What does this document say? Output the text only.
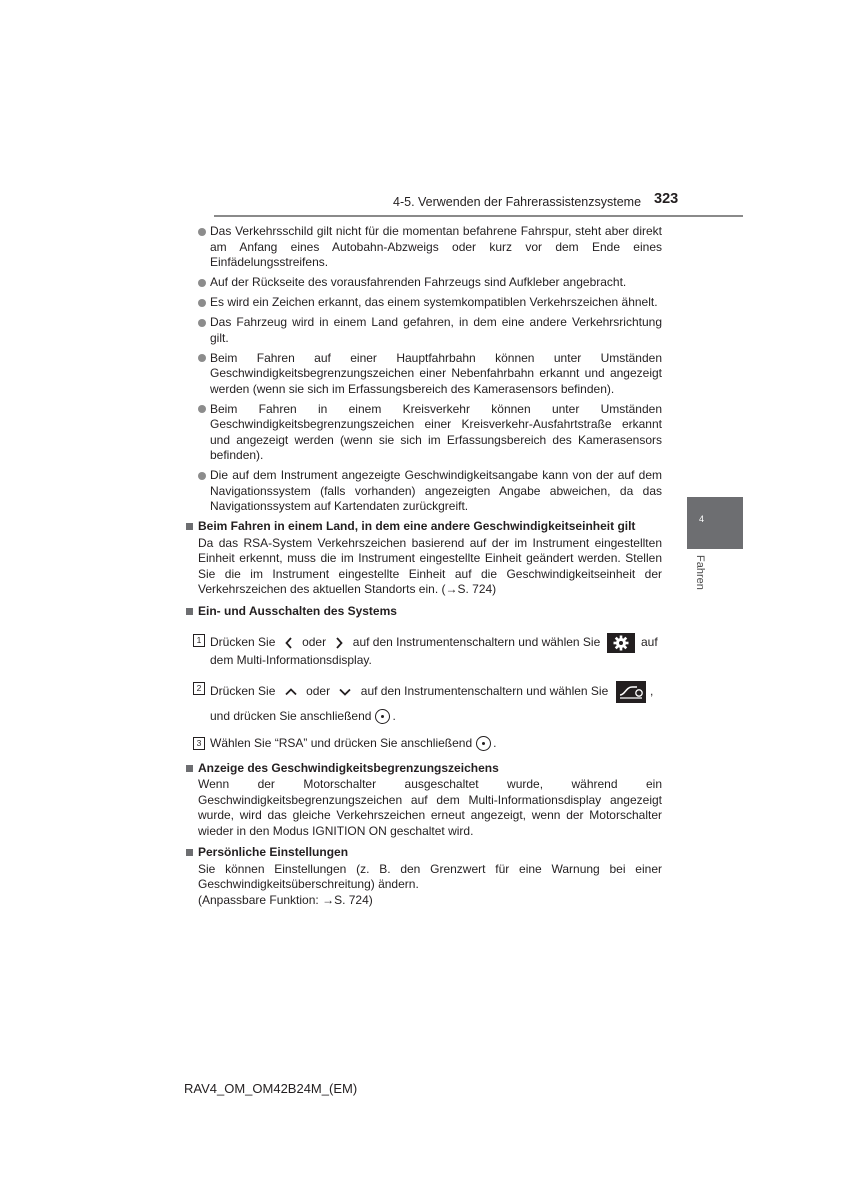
4-5. Verwenden der Fahrerassistenzsysteme 323
4
Fahren
Das Verkehrsschild gilt nicht für die momentan befahrene Fahrspur, steht aber direkt am Anfang eines Autobahn-Abzweigs oder kurz vor dem Ende eines Einfädelungsstreifens.
Auf der Rückseite des vorausfahrenden Fahrzeugs sind Aufkleber angebracht.
Es wird ein Zeichen erkannt, das einem systemkompatiblen Verkehrszeichen ähnelt.
Das Fahrzeug wird in einem Land gefahren, in dem eine andere Verkehrsrichtung gilt.
Beim Fahren auf einer Hauptfahrbahn können unter Umständen Geschwindigkeitsbegrenzungszeichen einer Nebenfahrbahn erkannt und angezeigt werden (wenn sie sich im Erfassungsbereich des Kamerasensors befinden).
Beim Fahren in einem Kreisverkehr können unter Umständen Geschwindigkeitsbegrenzungszeichen einer Kreisverkehr-Ausfahrtstraße erkannt und angezeigt werden (wenn sie sich im Erfassungsbereich des Kamerasensors befinden).
Die auf dem Instrument angezeigte Geschwindigkeitsangabe kann von der auf dem Navigationssystem (falls vorhanden) angezeigten Angabe abweichen, da das Navigationssystem auf Kartendaten zurückgreift.
Beim Fahren in einem Land, in dem eine andere Geschwindigkeitseinheit gilt
Da das RSA-System Verkehrszeichen basierend auf der im Instrument eingestellten Einheit erkennt, muss die im Instrument eingestellte Einheit geändert werden. Stellen Sie die im Instrument eingestellte Einheit auf die Geschwindigkeitseinheit der Verkehrszeichen des aktuellen Standorts ein. (→S. 724)
Ein- und Ausschalten des Systems
1 Drücken Sie oder auf den Instrumentenschaltern und wählen Sie	auf
dem Multi-Informationsdisplay.
2 Drücken Sie	oder	auf den Instrumentenschaltern und wählen Sie	,
und drücken Sie anschließend .
3 Wählen Sie “RSA” und drücken Sie anschließend .
Anzeige des Geschwindigkeitsbegrenzungszeichens
Wenn der Motorschalter ausgeschaltet wurde, während ein Geschwindigkeitsbegrenzungszeichen auf dem Multi-Informationsdisplay angezeigt wurde, wird das gleiche Verkehrszeichen erneut angezeigt, wenn der Motorschalter wieder in den Modus IGNITION ON geschaltet wird.
Persönliche Einstellungen
Sie können Einstellungen (z. B. den Grenzwert für eine Warnung bei einer Geschwindigkeitsüberschreitung) ändern.
(Anpassbare Funktion: →S. 724)
RAV4_OM_OM42B24M_(EM)
